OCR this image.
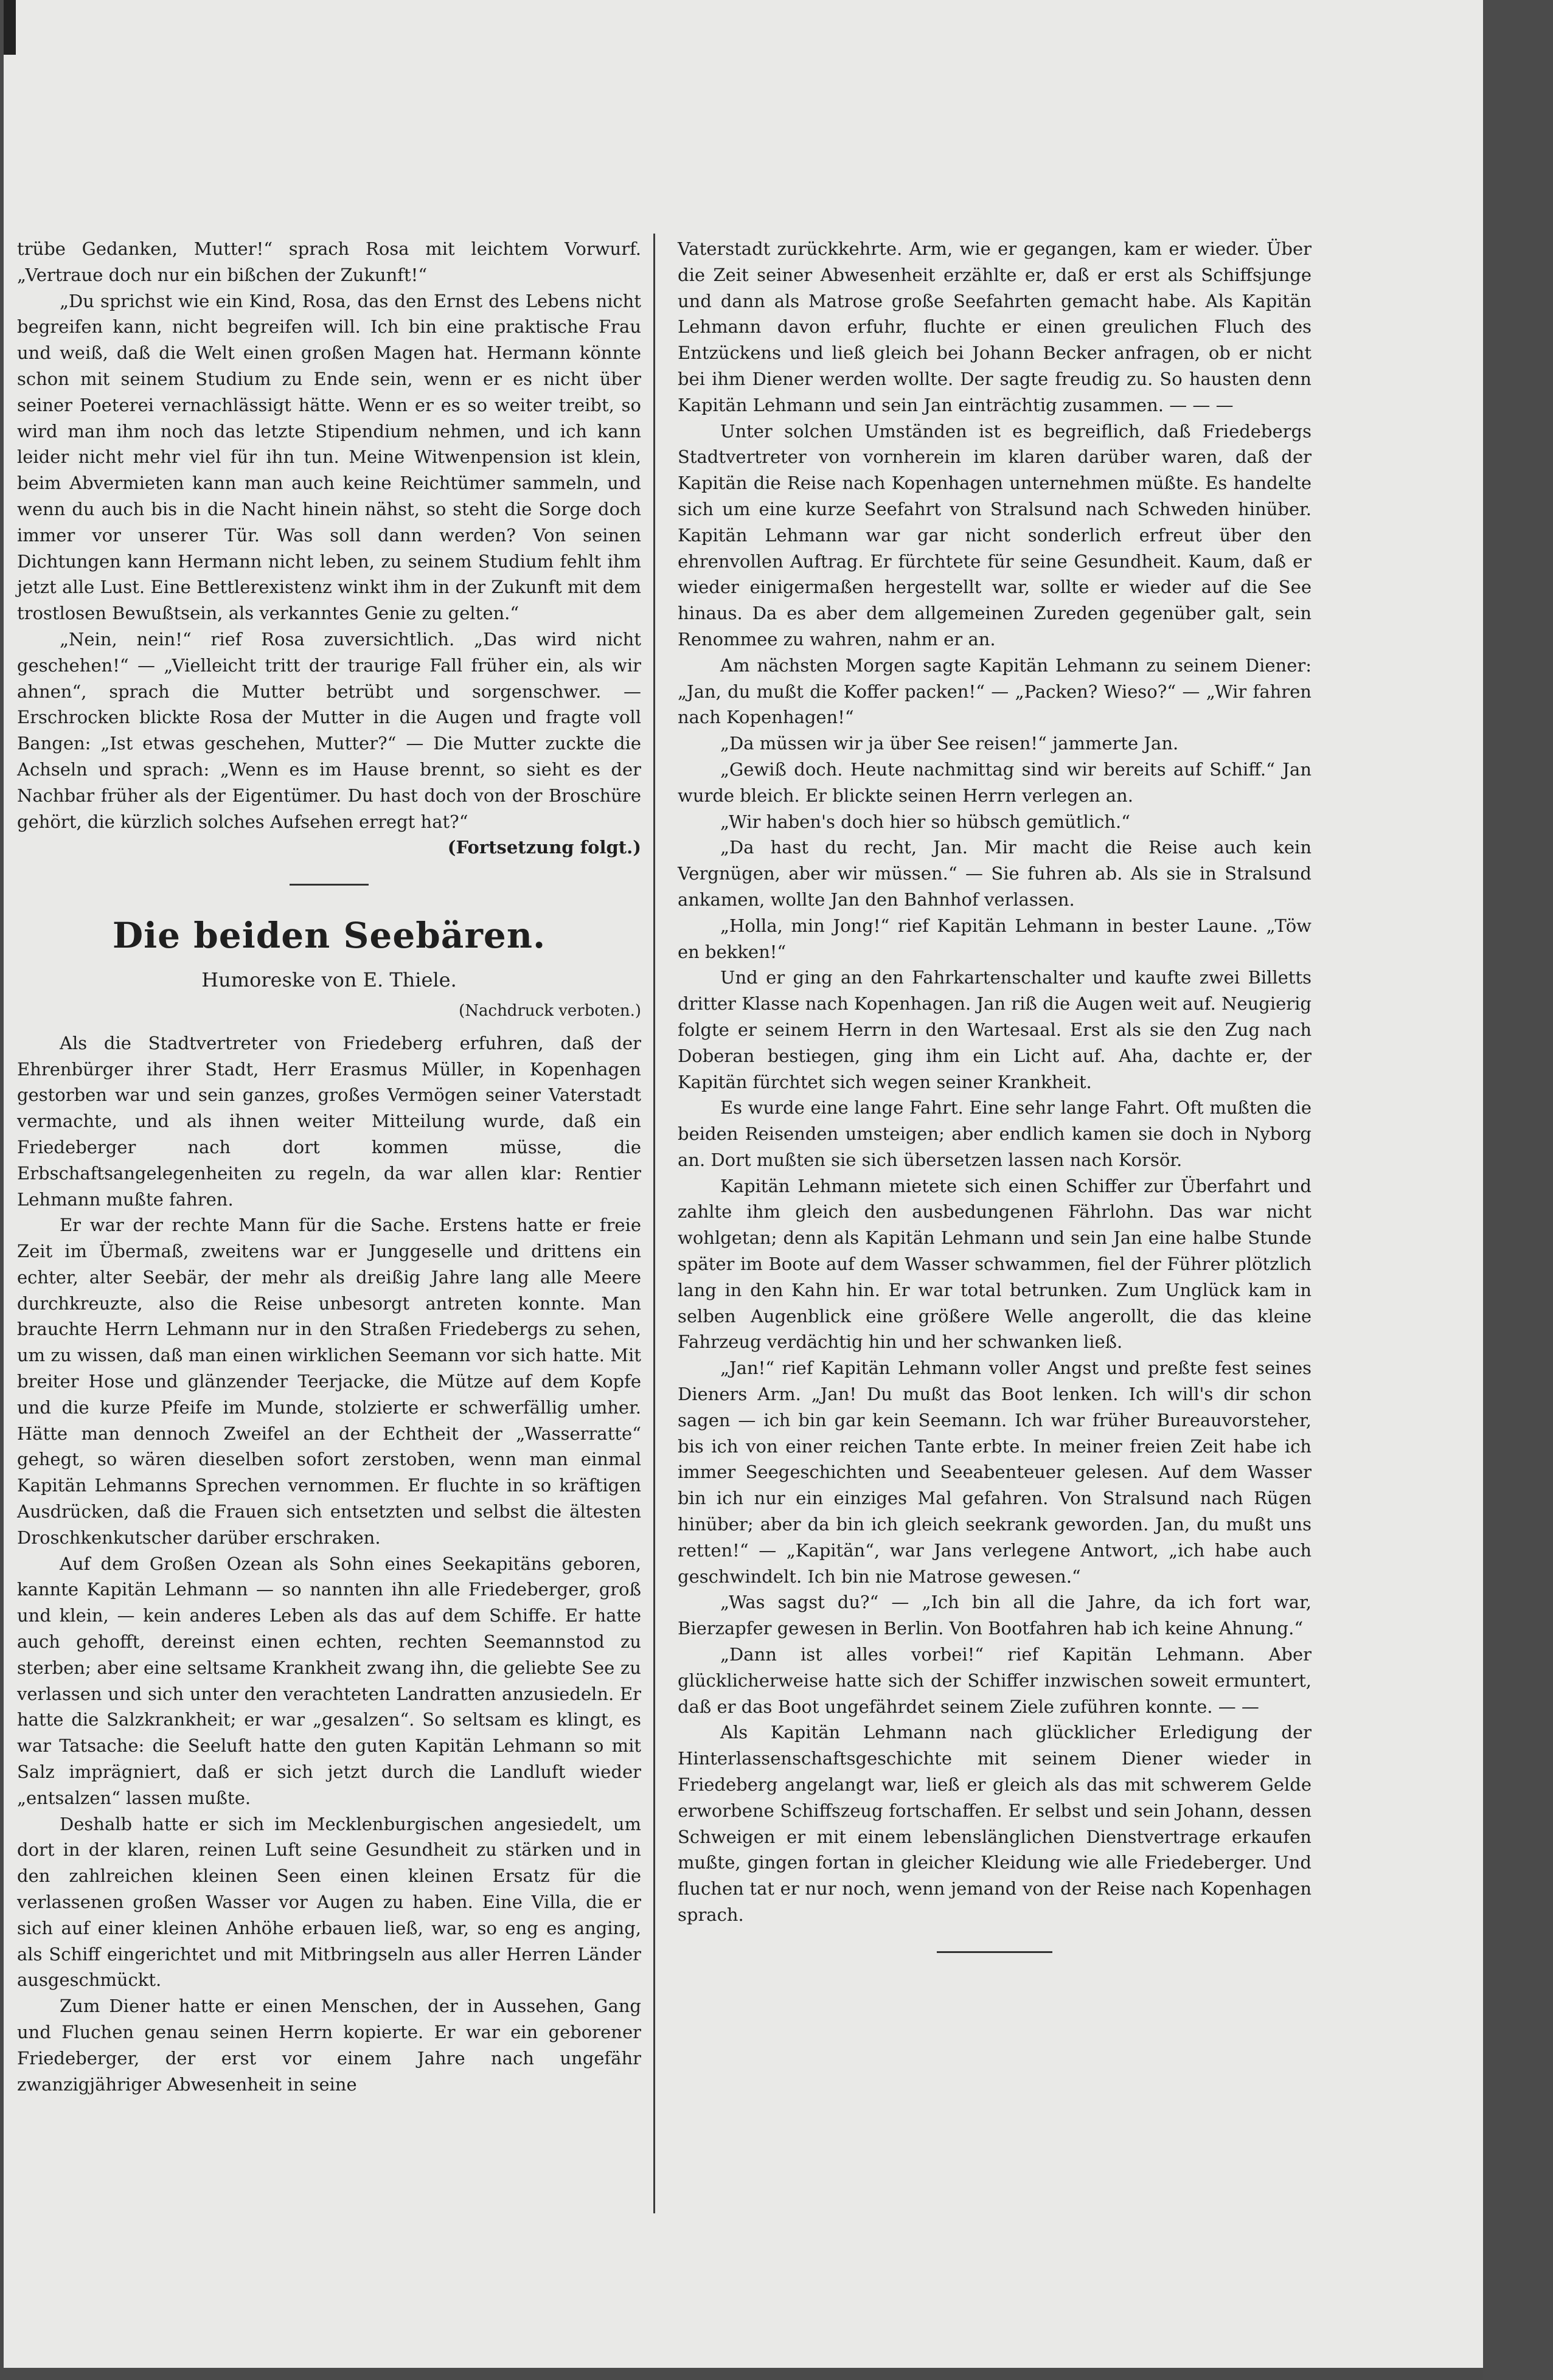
trübe Gedanken, Mutter!“ sprach Rosa mit leichtem Vorwurf. „Vertraue doch nur ein bißchen der Zukunft!“

„Du sprichst wie ein Kind, Rosa, das den Ernst des Lebens nicht begreifen kann, nicht begreifen will. Ich bin eine praktische Frau und weiß, daß die Welt einen großen Magen hat. Hermann könnte schon mit seinem Studium zu Ende sein, wenn er es nicht über seiner Poeterei vernachlässigt hätte. Wenn er es so weiter treibt, so wird man ihm noch das letzte Stipendium nehmen, und ich kann leider nicht mehr viel für ihn tun. Meine Witwenpension ist klein, beim Abvermieten kann man auch keine Reichtümer sammeln, und wenn du auch bis in die Nacht hinein nähst, so steht die Sorge doch immer vor unserer Tür. Was soll dann werden? Von seinen Dichtungen kann Hermann nicht leben, zu seinem Studium fehlt ihm jetzt alle Lust. Eine Bettlerexistenz winkt ihm in der Zukunft mit dem trostlosen Bewußtsein, als verkanntes Genie zu gelten.“

„Nein, nein!“ rief Rosa zuversichtlich. „Das wird nicht geschehen!“ — „Vielleicht tritt der traurige Fall früher ein, als wir ahnen“, sprach die Mutter betrübt und sorgenschwer. — Erschrocken blickte Rosa der Mutter in die Augen und fragte voll Bangen: „Ist etwas geschehen, Mutter?“ — Die Mutter zuckte die Achseln und sprach: „Wenn es im Hause brennt, so sieht es der Nachbar früher als der Eigentümer. Du hast doch von der Broschüre gehört, die kürzlich solches Aufsehen erregt hat?“

(Fortsetzung folgt.)

Die beiden Seebären.
Humoreske von E. Thiele.
(Nachdruck verboten.)

Als die Stadtvertreter von Friedeberg erfuhren, daß der Ehrenbürger ihrer Stadt, Herr Erasmus Müller, in Kopenhagen gestorben war und sein ganzes, großes Vermögen seiner Vaterstadt vermachte, und als ihnen weiter Mitteilung wurde, daß ein Friedeberger nach dort kommen müsse, die Erbschaftsangelegenheiten zu regeln, da war allen klar: Rentier Lehmann mußte fahren.

Er war der rechte Mann für die Sache. Erstens hatte er freie Zeit im Übermaß, zweitens war er Junggeselle und drittens ein echter, alter Seebär, der mehr als dreißig Jahre lang alle Meere durchkreuzte, also die Reise unbesorgt antreten konnte. Man brauchte Herrn Lehmann nur in den Straßen Friedebergs zu sehen, um zu wissen, daß man einen wirklichen Seemann vor sich hatte. Mit breiter Hose und glänzender Teerjacke, die Mütze auf dem Kopfe und die kurze Pfeife im Munde, stolzierte er schwerfällig umher. Hätte man dennoch Zweifel an der Echtheit der „Wasserratte“ gehegt, so wären dieselben sofort zerstoben, wenn man einmal Kapitän Lehmanns Sprechen vernommen. Er fluchte in so kräftigen Ausdrücken, daß die Frauen sich entsetzten und selbst die ältesten Droschkenkutscher darüber erschraken.

Auf dem Großen Ozean als Sohn eines Seekapitäns geboren, kannte Kapitän Lehmann — so nannten ihn alle Friedeberger, groß und klein, — kein anderes Leben als das auf dem Schiffe. Er hatte auch gehofft, dereinst einen echten, rechten Seemannstod zu sterben; aber eine seltsame Krankheit zwang ihn, die geliebte See zu verlassen und sich unter den verachteten Landratten anzusiedeln. Er hatte die Salzkrankheit; er war „gesalzen“. So seltsam es klingt, es war Tatsache: die Seeluft hatte den guten Kapitän Lehmann so mit Salz imprägniert, daß er sich jetzt durch die Landluft wieder „entsalzen“ lassen mußte.

Deshalb hatte er sich im Mecklenburgischen angesiedelt, um dort in der klaren, reinen Luft seine Gesundheit zu stärken und in den zahlreichen kleinen Seen einen kleinen Ersatz für die verlassenen großen Wasser vor Augen zu haben. Eine Villa, die er sich auf einer kleinen Anhöhe erbauen ließ, war, so eng es anging, als Schiff eingerichtet und mit Mitbringseln aus aller Herren Länder ausgeschmückt.

Zum Diener hatte er einen Menschen, der in Aussehen, Gang und Fluchen genau seinen Herrn kopierte. Er war ein geborener Friedeberger, der erst vor einem Jahre nach ungefähr zwanzigjähriger Abwesenheit in seine

Vaterstadt zurückkehrte. Arm, wie er gegangen, kam er wieder. Über die Zeit seiner Abwesenheit erzählte er, daß er erst als Schiffsjunge und dann als Matrose große Seefahrten gemacht habe. Als Kapitän Lehmann davon erfuhr, fluchte er einen greulichen Fluch des Entzückens und ließ gleich bei Johann Becker anfragen, ob er nicht bei ihm Diener werden wollte. Der sagte freudig zu. So hausten denn Kapitän Lehmann und sein Jan einträchtig zusammen. — — —

Unter solchen Umständen ist es begreiflich, daß Friedebergs Stadtvertreter von vornherein im klaren darüber waren, daß der Kapitän die Reise nach Kopenhagen unternehmen müßte. Es handelte sich um eine kurze Seefahrt von Stralsund nach Schweden hinüber. Kapitän Lehmann war gar nicht sonderlich erfreut über den ehrenvollen Auftrag. Er fürchtete für seine Gesundheit. Kaum, daß er wieder einigermaßen hergestellt war, sollte er wieder auf die See hinaus. Da es aber dem allgemeinen Zureden gegenüber galt, sein Renommee zu wahren, nahm er an.

Am nächsten Morgen sagte Kapitän Lehmann zu seinem Diener: „Jan, du mußt die Koffer packen!“ — „Packen? Wieso?“ — „Wir fahren nach Kopenhagen!“

„Da müssen wir ja über See reisen!“ jammerte Jan.

„Gewiß doch. Heute nachmittag sind wir bereits auf Schiff.“ Jan wurde bleich. Er blickte seinen Herrn verlegen an.

„Wir haben's doch hier so hübsch gemütlich.“

„Da hast du recht, Jan. Mir macht die Reise auch kein Vergnügen, aber wir müssen.“ — Sie fuhren ab. Als sie in Stralsund ankamen, wollte Jan den Bahnhof verlassen.

„Holla, min Jong!“ rief Kapitän Lehmann in bester Laune. „Töw en bekken!“

Und er ging an den Fahrkartenschalter und kaufte zwei Billetts dritter Klasse nach Kopenhagen. Jan riß die Augen weit auf. Neugierig folgte er seinem Herrn in den Wartesaal. Erst als sie den Zug nach Doberan bestiegen, ging ihm ein Licht auf. Aha, dachte er, der Kapitän fürchtet sich wegen seiner Krankheit.

Es wurde eine lange Fahrt. Eine sehr lange Fahrt. Oft mußten die beiden Reisenden umsteigen; aber endlich kamen sie doch in Nyborg an. Dort mußten sie sich übersetzen lassen nach Korsör.

Kapitän Lehmann mietete sich einen Schiffer zur Überfahrt und zahlte ihm gleich den ausbedungenen Fährlohn. Das war nicht wohlgetan; denn als Kapitän Lehmann und sein Jan eine halbe Stunde später im Boote auf dem Wasser schwammen, fiel der Führer plötzlich lang in den Kahn hin. Er war total betrunken. Zum Unglück kam in selben Augenblick eine größere Welle angerollt, die das kleine Fahrzeug verdächtig hin und her schwanken ließ.

„Jan!“ rief Kapitän Lehmann voller Angst und preßte fest seines Dieners Arm. „Jan! Du mußt das Boot lenken. Ich will's dir schon sagen — ich bin gar kein Seemann. Ich war früher Bureauvorsteher, bis ich von einer reichen Tante erbte. In meiner freien Zeit habe ich immer Seegeschichten und Seeabenteuer gelesen. Auf dem Wasser bin ich nur ein einziges Mal gefahren. Von Stralsund nach Rügen hinüber; aber da bin ich gleich seekrank geworden. Jan, du mußt uns retten!“ — „Kapitän“, war Jans verlegene Antwort, „ich habe auch geschwindelt. Ich bin nie Matrose gewesen.“

„Was sagst du?“ — „Ich bin all die Jahre, da ich fort war, Bierzapfer gewesen in Berlin. Von Bootfahren hab ich keine Ahnung.“

„Dann ist alles vorbei!“ rief Kapitän Lehmann. Aber glücklicherweise hatte sich der Schiffer inzwischen soweit ermuntert, daß er das Boot ungefährdet seinem Ziele zuführen konnte. — —

Als Kapitän Lehmann nach glücklicher Erledigung der Hinterlassenschaftsgeschichte mit seinem Diener wieder in Friedeberg angelangt war, ließ er gleich als das mit schwerem Gelde erworbene Schiffszeug fortschaffen. Er selbst und sein Johann, dessen Schweigen er mit einem lebenslänglichen Dienstvertrage erkaufen mußte, gingen fortan in gleicher Kleidung wie alle Friedeberger. Und fluchen tat er nur noch, wenn jemand von der Reise nach Kopenhagen sprach.
